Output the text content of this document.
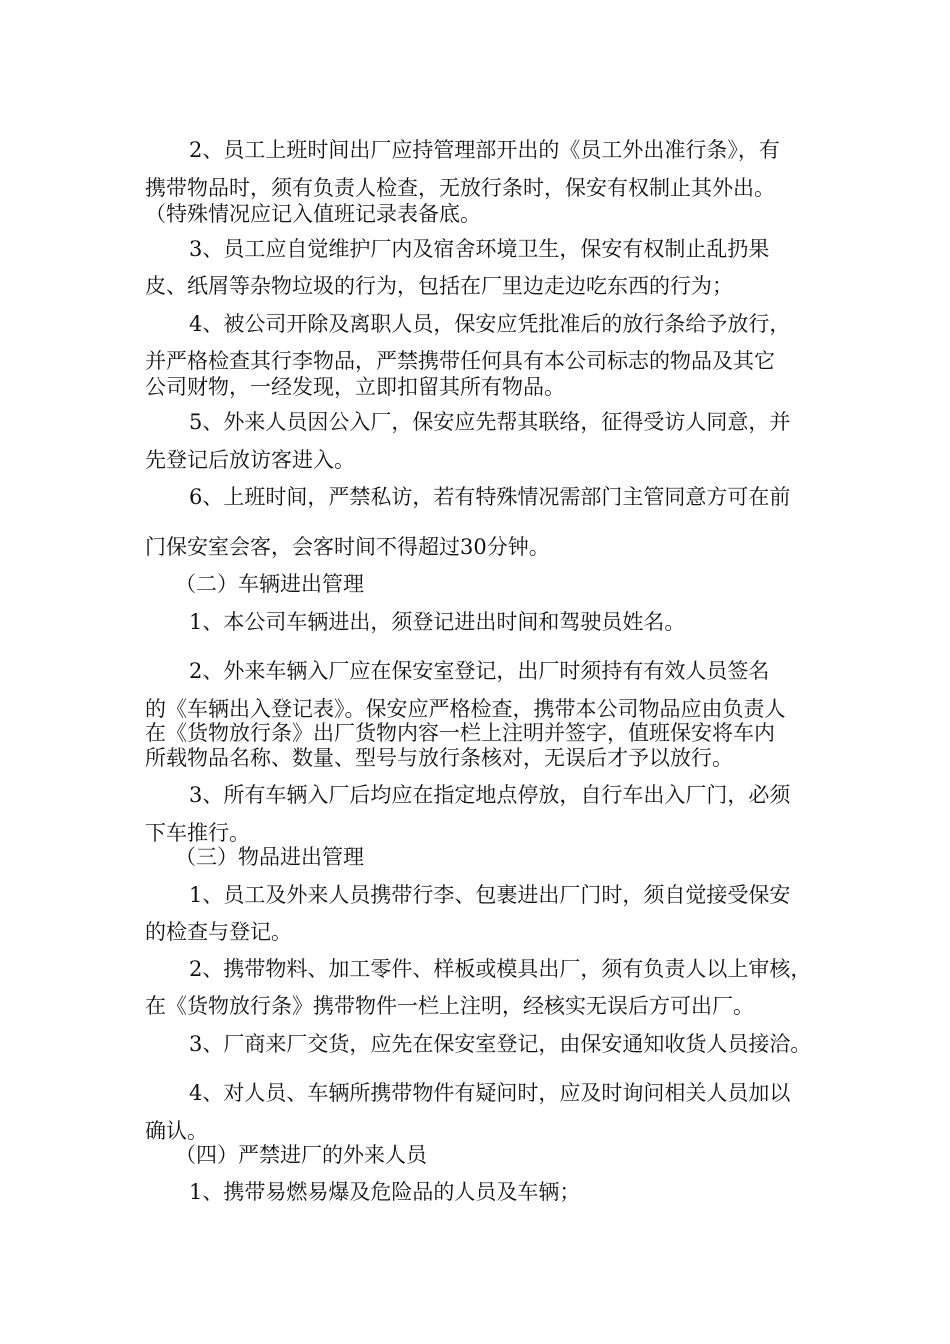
2、员工上班时间出厂应持管理部开出的《员工外出准行条》，有
携带物品时，须有负责人检查，无放行条时，保安有权制止其外出。
（特殊情况应记入值班记录表备底。
3、员工应自觉维护厂内及宿舍环境卫生，保安有权制止乱扔果
皮、纸屑等杂物垃圾的行为，包括在厂里边走边吃东西的行为；
4、被公司开除及离职人员，保安应凭批准后的放行条给予放行，
并严格检查其行李物品，严禁携带任何具有本公司标志的物品及其它
公司财物，一经发现，立即扣留其所有物品。
5、外来人员因公入厂，保安应先帮其联络，征得受访人同意，并
先登记后放访客进入。
6、上班时间，严禁私访，若有特殊情况需部门主管同意方可在前
门保安室会客，会客时间不得超过30分钟。
（二）车辆进出管理
1、本公司车辆进出，须登记进出时间和驾驶员姓名。
2、外来车辆入厂应在保安室登记，出厂时须持有有效人员签名
的《车辆出入登记表》。保安应严格检查，携带本公司物品应由负责人
在《货物放行条》出厂货物内容一栏上注明并签字，值班保安将车内
所载物品名称、数量、型号与放行条核对，无误后才予以放行。
3、所有车辆入厂后均应在指定地点停放，自行车出入厂门，必须
下车推行。
（三）物品进出管理
1、员工及外来人员携带行李、包裹进出厂门时，须自觉接受保安
的检查与登记。
2、携带物料、加工零件、样板或模具出厂，须有负责人以上审核，
在《货物放行条》携带物件一栏上注明，经核实无误后方可出厂。
3、厂商来厂交货，应先在保安室登记，由保安通知收货人员接洽。
4、对人员、车辆所携带物件有疑问时，应及时询问相关人员加以
确认。
（四）严禁进厂的外来人员
1、携带易燃易爆及危险品的人员及车辆；
